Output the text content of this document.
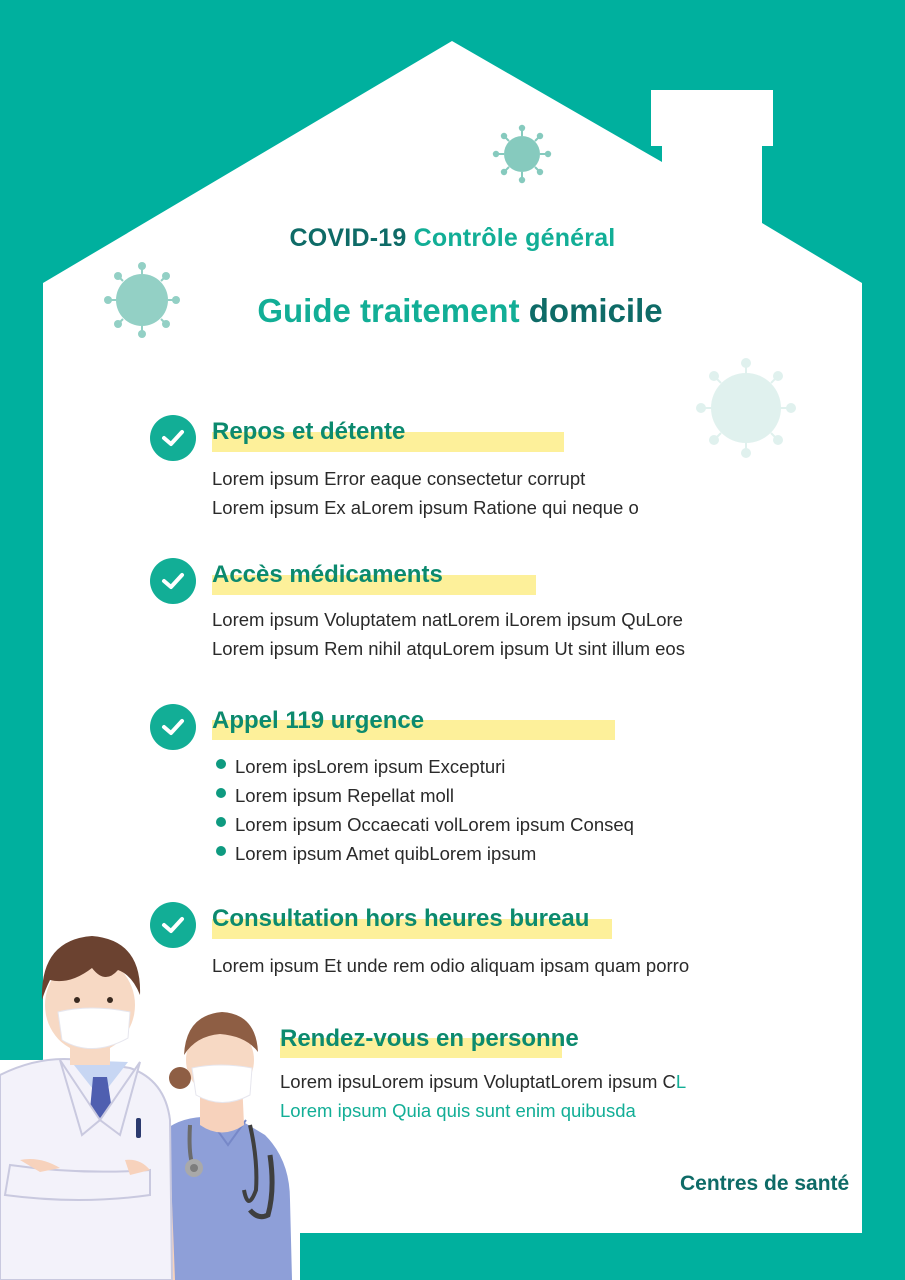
COVID-19 Contrôle général
Guide traitement domicile
Repos et détente
Lorem ipsum Error eaque consectetur corrupt
Lorem ipsum Ex aLorem ipsum Ratione qui neque o
Accès médicaments
Lorem ipsum Voluptatem natLorem iLorem ipsum QuLore
Lorem ipsum Rem nihil atquLorem ipsum Ut sint illum eos
Appel 119 urgence
Lorem ipsLorem ipsum Excepturi
Lorem ipsum Repellat moll
Lorem ipsum Occaecati volLorem ipsum Conseq
Lorem ipsum Amet quibLorem ipsum
Consultation hors heures bureau
Lorem ipsum Et unde rem odio aliquam ipsam quam porro
Rendez-vous en personne
Lorem ipsuLorem ipsum VoluptatLorem ipsum CL
Lorem ipsum Quia quis sunt enim quibusda
Centres de santé
